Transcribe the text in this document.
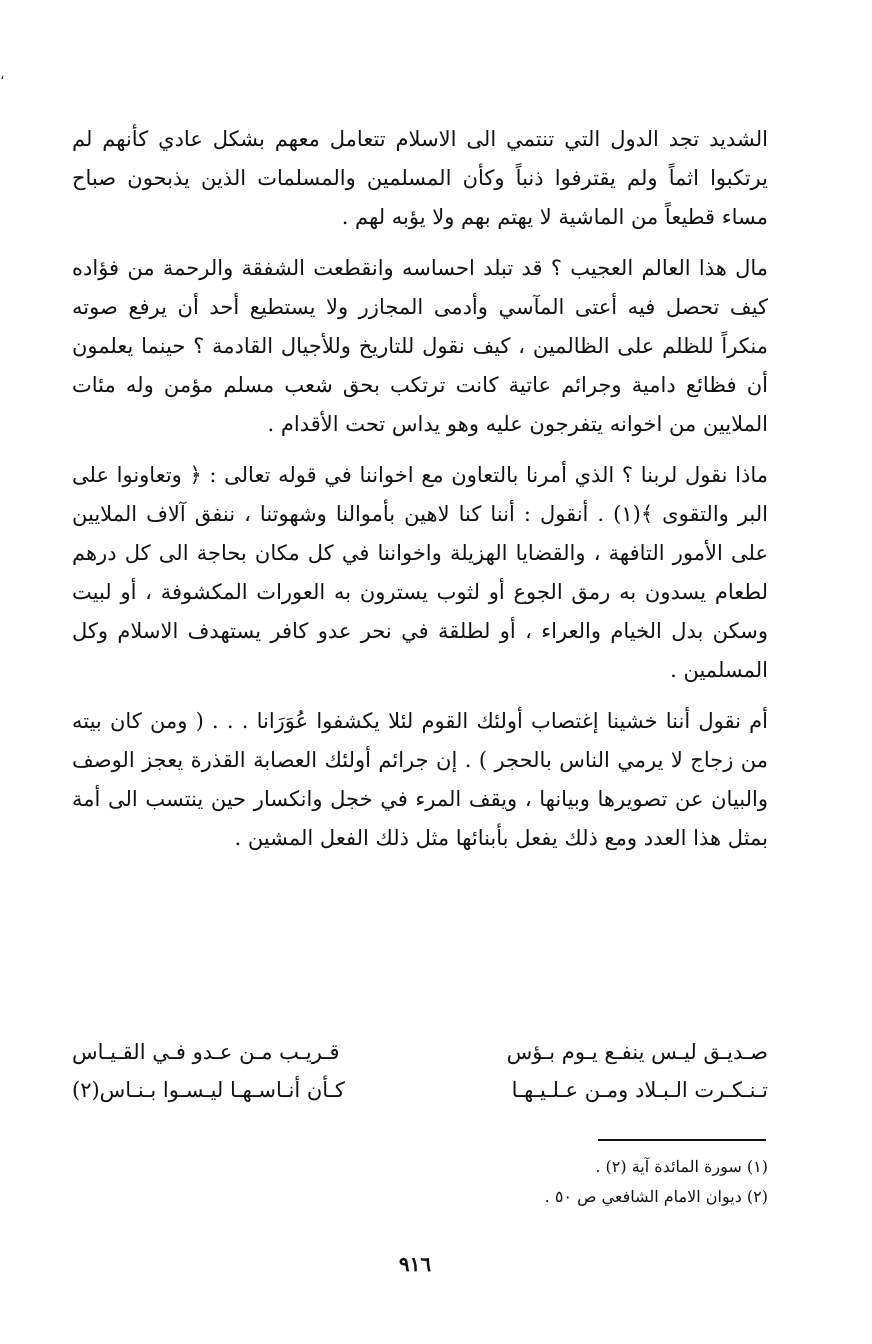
،

الشديد تجد الدول التي تنتمي الى الاسلام تتعامل معهم بشكل عادي كأنهم لم يرتكبوا اثماً ولم يقترفوا ذنباً وكأن المسلمين والمسلمات الذين يذبحون صباح مساء قطيعاً من الماشية لا يهتم بهم ولا يؤبه لهم .

مال هذا العالم العجيب ؟ قد تبلد احساسه وانقطعت الشفقة والرحمة من فؤاده كيف تحصل فيه أعتى المآسي وأدمى المجازر ولا يستطيع أحد أن يرفع صوته منكراً للظلم على الظالمين ، كيف نقول للتاريخ وللأجيال القادمة ؟ حينما يعلمون أن فظائع دامية وجرائم عاتية كانت ترتكب بحق شعب مسلم مؤمن وله مئات الملايين من اخوانه يتفرجون عليه وهو يداس تحت الأقدام .

ماذا نقول لربنا ؟ الذي أمرنا بالتعاون مع اخواننا في قوله تعالى : ﴿ وتعاونوا على البر والتقوى ﴾(١) . أنقول : أننا كنا لاهين بأموالنا وشهوتنا ، ننفق آلاف الملايين على الأمور التافهة ، والقضايا الهزيلة واخواننا في كل مكان بحاجة الى كل درهم لطعام يسدون به رمق الجوع أو لثوب يسترون به العورات المكشوفة ، أو لبيت وسكن بدل الخيام والعراء ، أو لطلقة في نحر عدو كافر يستهدف الاسلام وكل المسلمين .

أم نقول أننا خشينا إغتصاب أولئك القوم لئلا يكشفوا عُوَرَانا . . . ( ومن كان بيته من زجاج لا يرمي الناس بالحجر ) . إن جرائم أولئك العصابة القذرة يعجز الوصف والبيان عن تصويرها وبيانها ، ويقف المرء في خجل وانكسار حين ينتسب الى أمة بمثل هذا العدد ومع ذلك يفعل بأبنائها مثل ذلك الفعل المشين .

صـديـق ليـس ينفـع يـوم بـؤس
قـريـب مـن عـدو فـي القـيـاس
تـنـكـرت الـبـلاد ومـن عـلـيـهـا
كـأن أنـاسـهـا ليـسـوا بـنـاس(٢)

(١) سورة المائدة آية (٢) .

(٢) ديوان الامام الشافعي ص ٥٠ .

٩١٦
